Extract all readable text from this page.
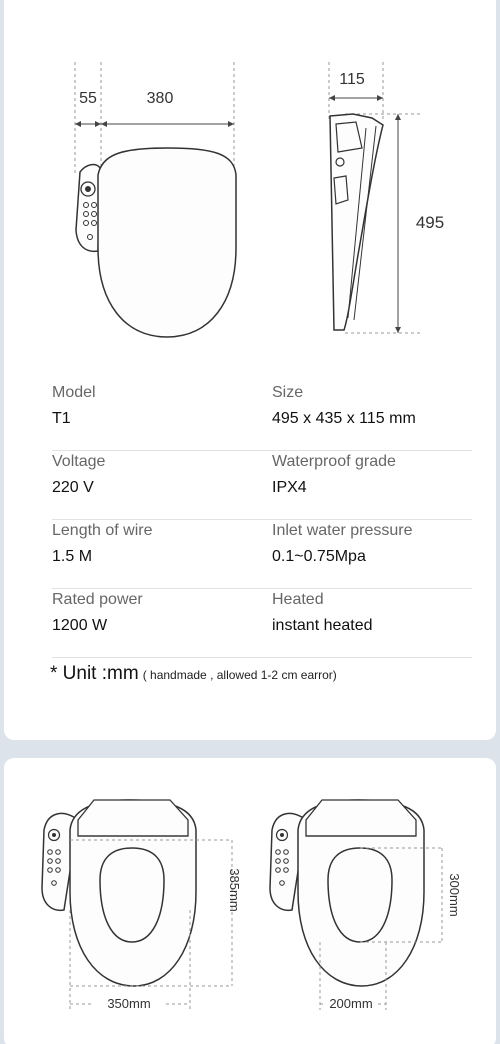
55	380
115
495
Model
T1
Size
495 x 435 x 115 mm
Voltage
220 V
Waterproof grade
IPX4
Length of wire
1.5 M
Inlet water pressure
0.1~0.75Mpa
Rated power
1200 W
Heated
instant heated
* Unit :mm ( handmade , allowed 1-2 cm earror)
385mm
350mm
300mm
200mm
